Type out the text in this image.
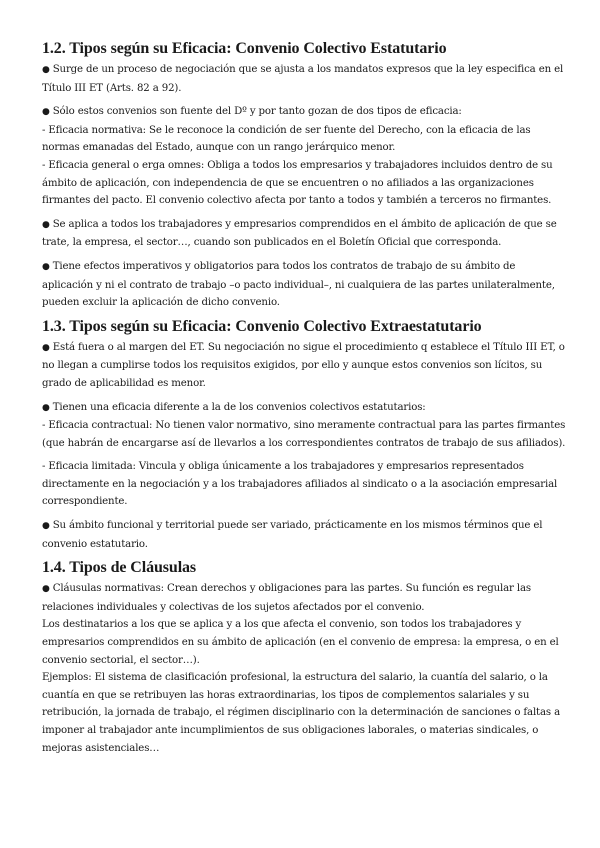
1.2. Tipos según su Eficacia: Convenio Colectivo Estatutario

● Surge de un proceso de negociación que se ajusta a los mandatos expresos que la ley especifica en el Título III ET (Arts. 82 a 92).

● Sólo estos convenios son fuente del Dº y por tanto gozan de dos tipos de eficacia:

- Eficacia normativa: Se le reconoce la condición de ser fuente del Derecho, con la eficacia de las normas emanadas del Estado, aunque con un rango jerárquico menor.

- Eficacia general o erga omnes: Obliga a todos los empresarios y trabajadores incluidos dentro de su ámbito de aplicación, con independencia de que se encuentren o no afiliados a las organizaciones firmantes del pacto. El convenio colectivo afecta por tanto a todos y también a terceros no firmantes.

● Se aplica a todos los trabajadores y empresarios comprendidos en el ámbito de aplicación de que se trate, la empresa, el sector…, cuando son publicados en el Boletín Oficial que corresponda.

● Tiene efectos imperativos y obligatorios para todos los contratos de trabajo de su ámbito de aplicación y ni el contrato de trabajo –o pacto individual–, ni cualquiera de las partes unilateralmente, pueden excluir la aplicación de dicho convenio.

1.3. Tipos según su Eficacia: Convenio Colectivo Extraestatutario

● Está fuera o al margen del ET. Su negociación no sigue el procedimiento q establece el Título III ET, o no llegan a cumplirse todos los requisitos exigidos, por ello y aunque estos convenios son lícitos, su grado de aplicabilidad es menor.

● Tienen una eficacia diferente a la de los convenios colectivos estatutarios:

- Eficacia contractual: No tienen valor normativo, sino meramente contractual para las partes firmantes (que habrán de encargarse así de llevarlos a los correspondientes contratos de trabajo de sus afiliados).

- Eficacia limitada: Vincula y obliga únicamente a los trabajadores y empresarios representados directamente en la negociación y a los trabajadores afiliados al sindicato o a la asociación empresarial correspondiente.

● Su ámbito funcional y territorial puede ser variado, prácticamente en los mismos términos que el convenio estatutario.

1.4. Tipos de Cláusulas

● Cláusulas normativas: Crean derechos y obligaciones para las partes. Su función es regular las relaciones individuales y colectivas de los sujetos afectados por el convenio.

Los destinatarios a los que se aplica y a los que afecta el convenio, son todos los trabajadores y empresarios comprendidos en su ámbito de aplicación (en el convenio de empresa: la empresa, o en el convenio sectorial, el sector…).

Ejemplos: El sistema de clasificación profesional, la estructura del salario, la cuantía del salario, o la cuantía en que se retribuyen las horas extraordinarias, los tipos de complementos salariales y su retribución, la jornada de trabajo, el régimen disciplinario con la determinación de sanciones o faltas a imponer al trabajador ante incumplimientos de sus obligaciones laborales, o materias sindicales, o mejoras asistenciales…
